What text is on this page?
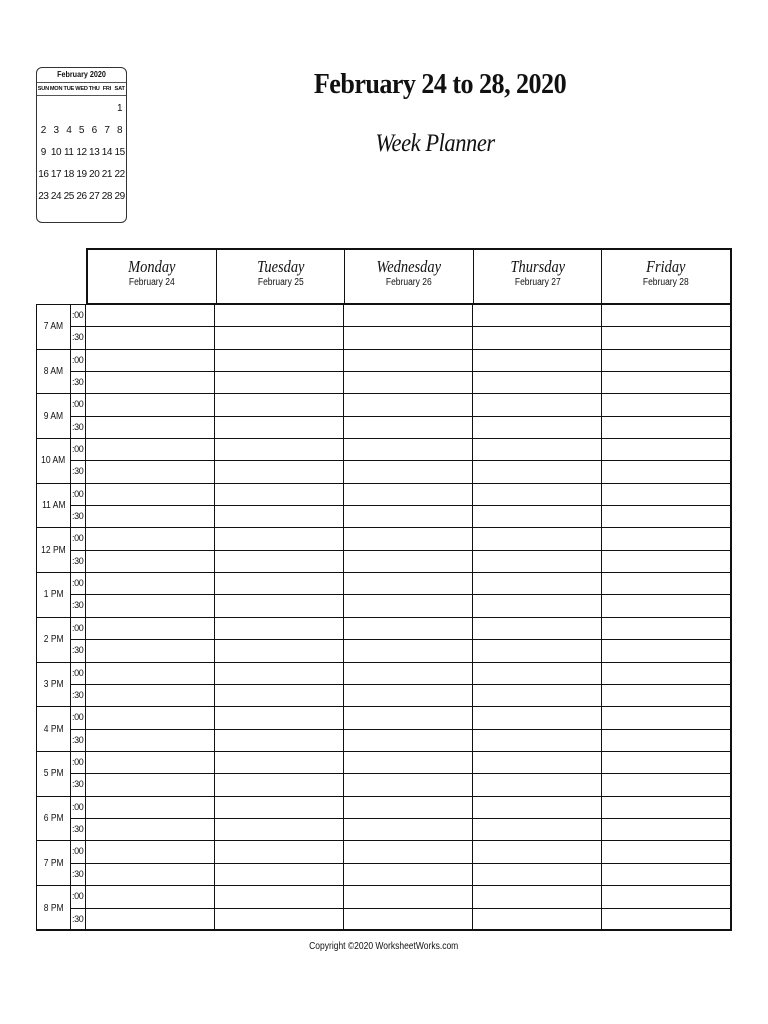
February 2020
SUN MON TUE WED THU FRI SAT
1
2 3 4 5 6 7 8
9 10 11 12 13 14 15
16 17 18 19 20 21 22
23 24 25 26 27 28 29
February 24 to 28, 2020
Week Planner
Monday
February 24
Tuesday
February 25
Wednesday
February 26
Thursday
February 27
Friday
February 28
7 AM
:00
:30
8 AM
:00
:30
9 AM
:00
:30
10 AM
:00
:30
11 AM
:00
:30
12 PM
:00
:30
1 PM
:00
:30
2 PM
:00
:30
3 PM
:00
:30
4 PM
:00
:30
5 PM
:00
:30
6 PM
:00
:30
7 PM
:00
:30
8 PM
:00
:30
Copyright ©2020 WorksheetWorks.com
